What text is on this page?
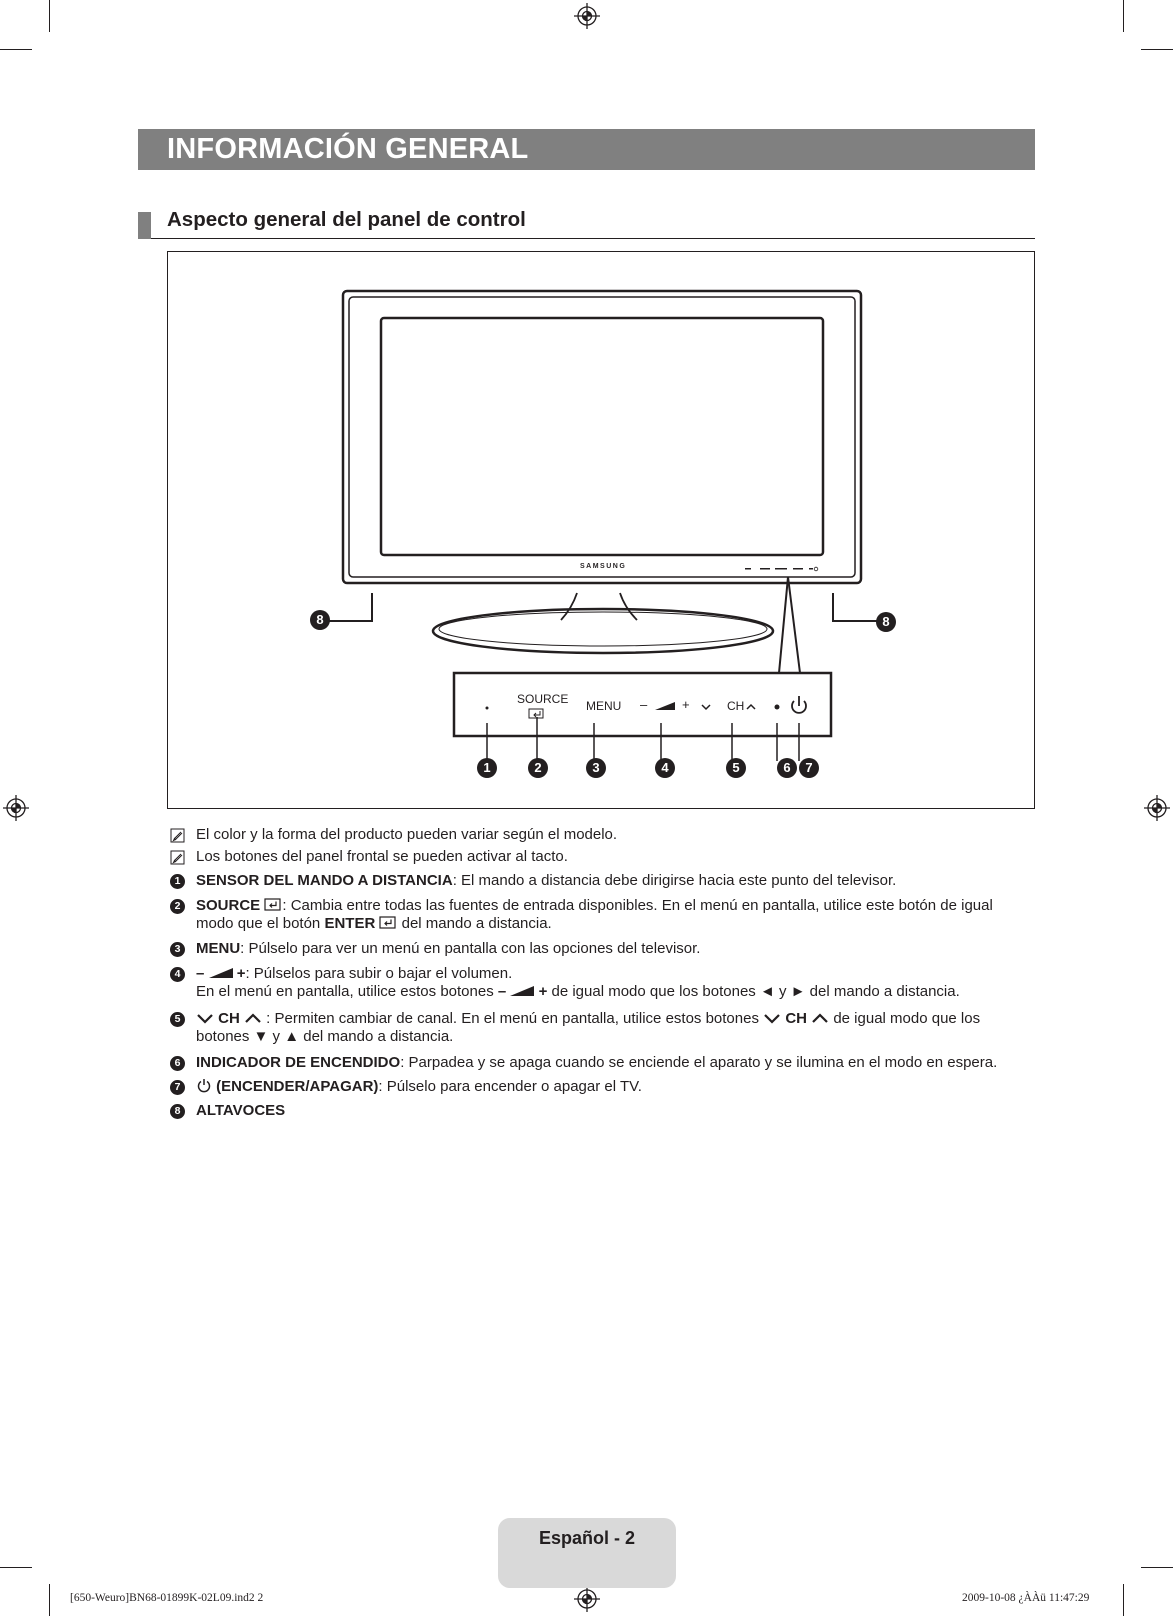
INFORMACIÓN GENERAL
Aspecto general del panel de control
SAMSUNG
SOURCE MENU –	+	CH
8	8
1	2	3	4	5	6	7
El color y la forma del producto pueden variar según el modelo.
Los botones del panel frontal se pueden activar al tacto.
1	SENSOR DEL MANDO A DISTANCIA: El mando a distancia debe dirigirse hacia este punto del televisor.
2	SOURCE : Cambia entre todas las fuentes de entrada disponibles. En el menú en pantalla, utilice este botón de igual
modo que el botón ENTER  del mando a distancia.
3	MENU: Púlselo para ver un menú en pantalla con las opciones del televisor.
4	– +: Púlselos para subir o bajar el volumen.
En el menú en pantalla, utilice estos botones – + de igual modo que los botones ◄ y ► del mando a distancia.
5	CH  : Permiten cambiar de canal. En el menú en pantalla, utilice estos botones  CH  de igual modo que los
botones ▼ y ▲ del mando a distancia.
6	INDICADOR DE ENCENDIDO: Parpadea y se apaga cuando se enciende el aparato y se ilumina en el modo en espera.
7	(ENCENDER/APAGAR): Púlselo para encender o apagar el TV.
8	ALTAVOCES
Español - 2
[650-Weuro]BN68-01899K-02L09.ind2 2	2009-10-08 ¿ÀÀü 11:47:29
